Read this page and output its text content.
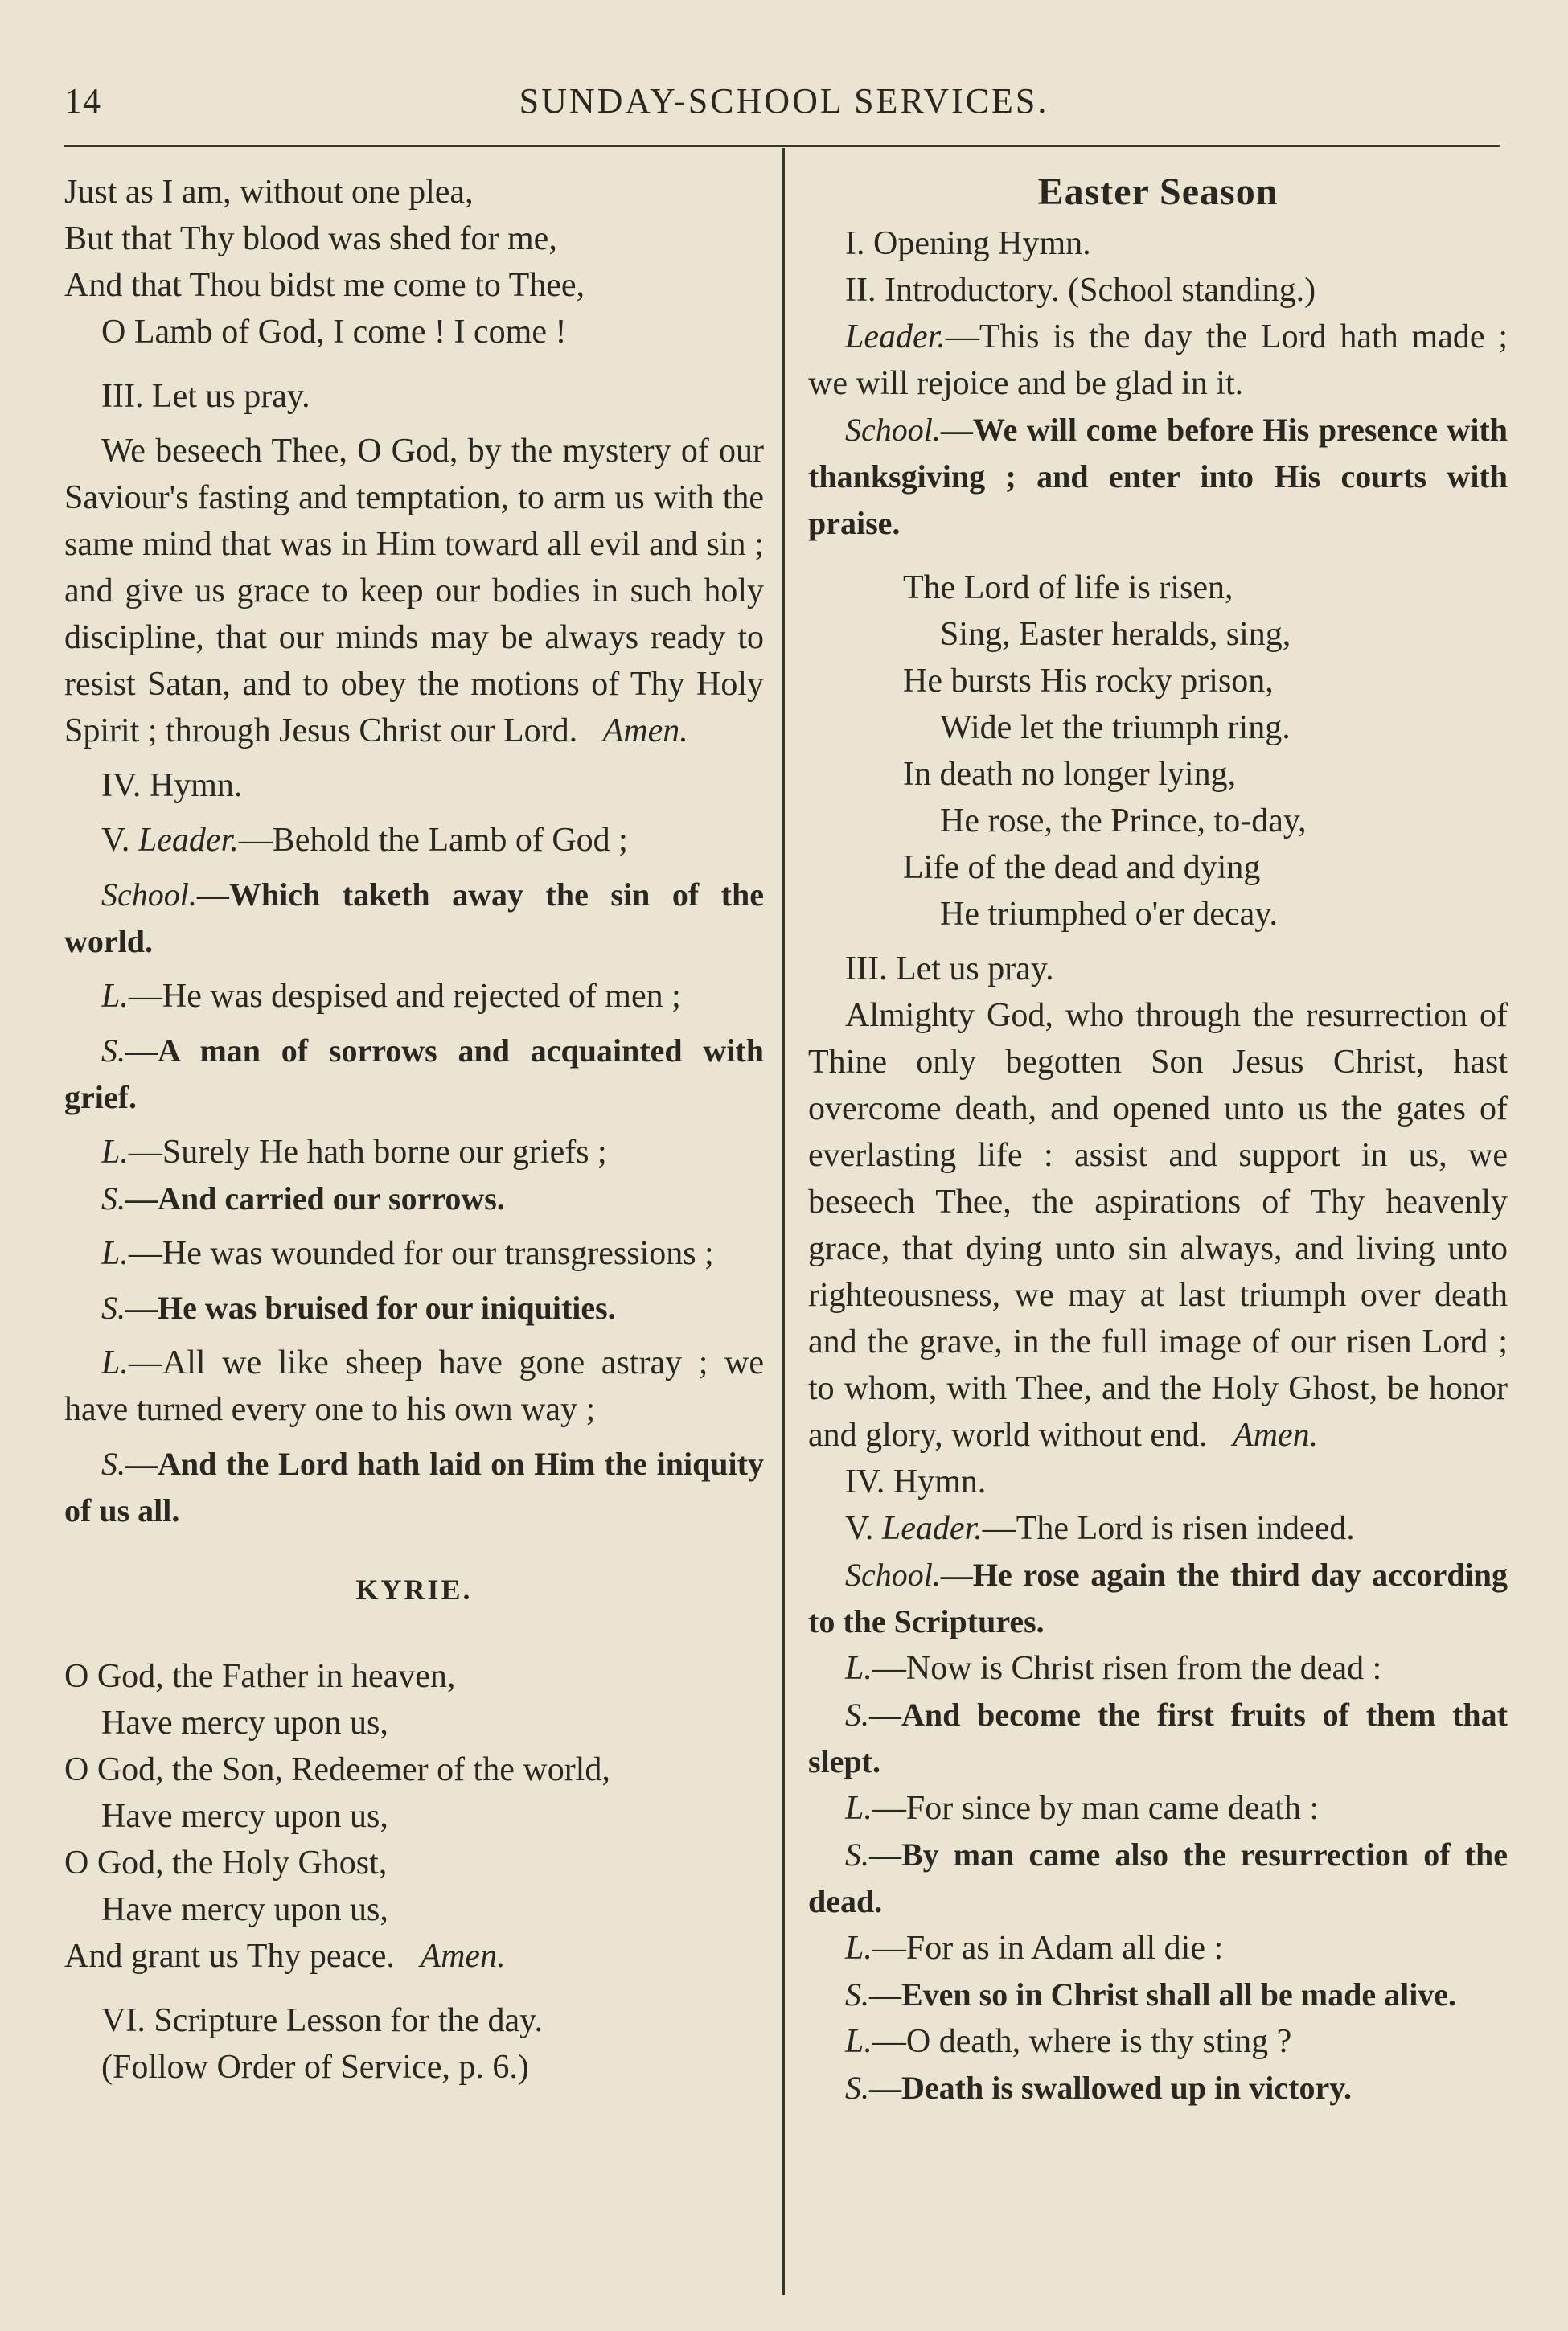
14	SUNDAY-SCHOOL SERVICES.

Just as I am, without one plea,

But that Thy blood was shed for me,

And that Thou bidst me come to Thee,

O Lamb of God, I come ! I come !

III. Let us pray.

We beseech Thee, O God, by the mystery of our Saviour's fasting and temptation, to arm us with the same mind that was in Him toward all evil and sin ; and give us grace to keep our bodies in such holy discipline, that our minds may be always ready to resist Satan, and to obey the motions of Thy Holy Spirit ; through Jesus Christ our Lord. Amen.

IV. Hymn.

V. Leader.—Behold the Lamb of God ;

School.—Which taketh away the sin of the world.

L.—He was despised and rejected of men ;

S.—A man of sorrows and acquainted with grief.

L.—Surely He hath borne our griefs ;

S.—And carried our sorrows.

L.—He was wounded for our transgressions ;

S.—He was bruised for our iniquities.

L.—All we like sheep have gone astray ; we have turned every one to his own way ;

S.—And the Lord hath laid on Him the iniquity of us all.

KYRIE.

O God, the Father in heaven,

Have mercy upon us,

O God, the Son, Redeemer of the world,

Have mercy upon us,

O God, the Holy Ghost,

Have mercy upon us,

And grant us Thy peace. Amen.

VI. Scripture Lesson for the day.

(Follow Order of Service, p. 6.)

Easter Season

I. Opening Hymn.

II. Introductory. (School standing.)

Leader.—This is the day the Lord hath made ; we will rejoice and be glad in it.

School.—We will come before His presence with thanksgiving ; and enter into His courts with praise.

The Lord of life is risen,

Sing, Easter heralds, sing,

He bursts His rocky prison,

Wide let the triumph ring.

In death no longer lying,

He rose, the Prince, to-day,

Life of the dead and dying

He triumphed o'er decay.

III. Let us pray.

Almighty God, who through the resurrection of Thine only begotten Son Jesus Christ, hast overcome death, and opened unto us the gates of everlasting life : assist and support in us, we beseech Thee, the aspirations of Thy heavenly grace, that dying unto sin always, and living unto righteousness, we may at last triumph over death and the grave, in the full image of our risen Lord ; to whom, with Thee, and the Holy Ghost, be honor and glory, world without end. Amen.

IV. Hymn.

V. Leader.—The Lord is risen indeed.

School.—He rose again the third day according to the Scriptures.

L.—Now is Christ risen from the dead :

S.—And become the first fruits of them that slept.

L.—For since by man came death :

S.—By man came also the resurrection of the dead.

L.—For as in Adam all die :

S.—Even so in Christ shall all be made alive.

L.—O death, where is thy sting ?

S.—Death is swallowed up in victory.
